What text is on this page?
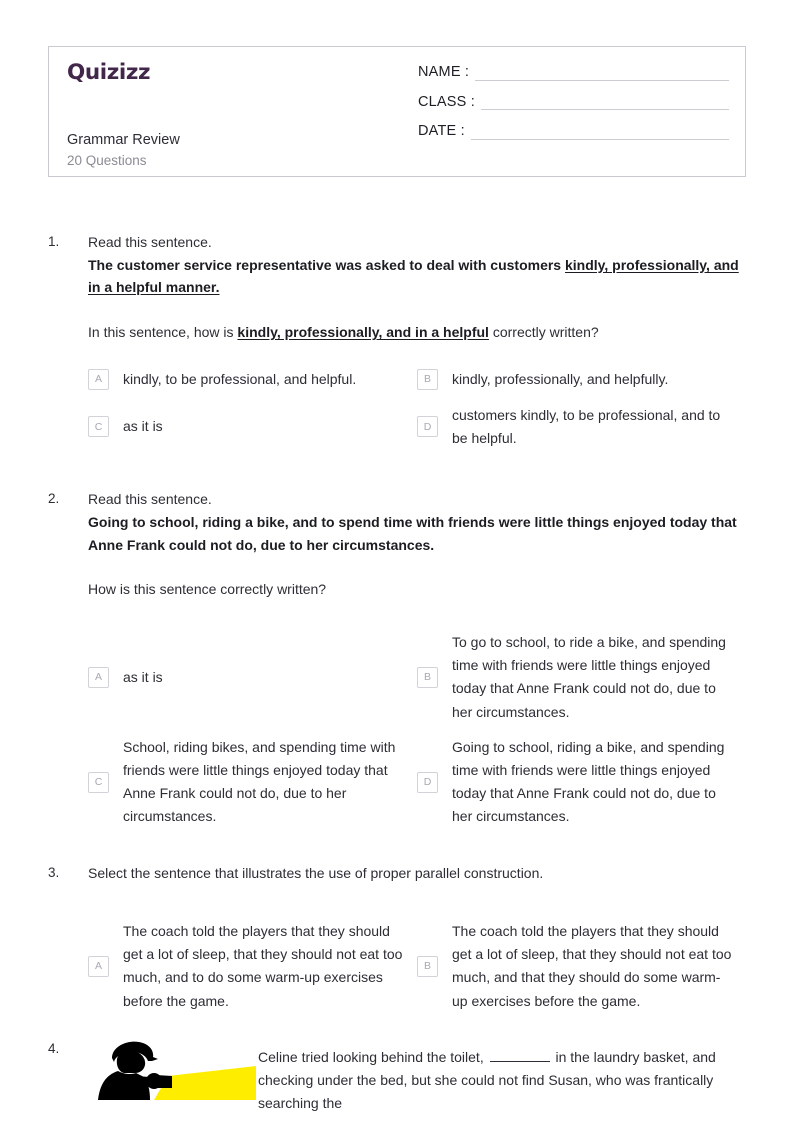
Quizizz
Grammar Review
20 Questions
NAME :
CLASS :
DATE :
1.	Read this sentence.
The customer service representative was asked to deal with customers kindly, professionally, and in a helpful manner.
In this sentence, how is kindly, professionally, and in a helpful correctly written?
A	kindly, to be professional, and helpful.	B	kindly, professionally, and helpfully.
C	as it is	D
customers kindly, to be professional, and to be helpful.
2.	Read this sentence.
Going to school, riding a bike, and to spend time with friends were little things enjoyed today that Anne Frank could not do, due to her circumstances.
How is this sentence correctly written?
A	as it is	B
To go to school, to ride a bike, and spending time with friends were little things enjoyed today that Anne Frank could not do, due to her circumstances.
C
School, riding bikes, and spending time with friends were little things enjoyed today that Anne Frank could not do, due to her circumstances.
D
Going to school, riding a bike, and spending time with friends were little things enjoyed today that Anne Frank could not do, due to her circumstances.
3.	Select the sentence that illustrates the use of proper parallel construction.
A
The coach told the players that they should get a lot of sleep, that they should not eat too much, and to do some warm-up exercises before the game.
B
The coach told the players that they should get a lot of sleep, that they should not eat too much, and that they should do some warm-up exercises before the game.
4.
Celine tried looking behind the toilet,	in the laundry basket, and checking under the bed, but she could not find Susan, who was frantically searching the
